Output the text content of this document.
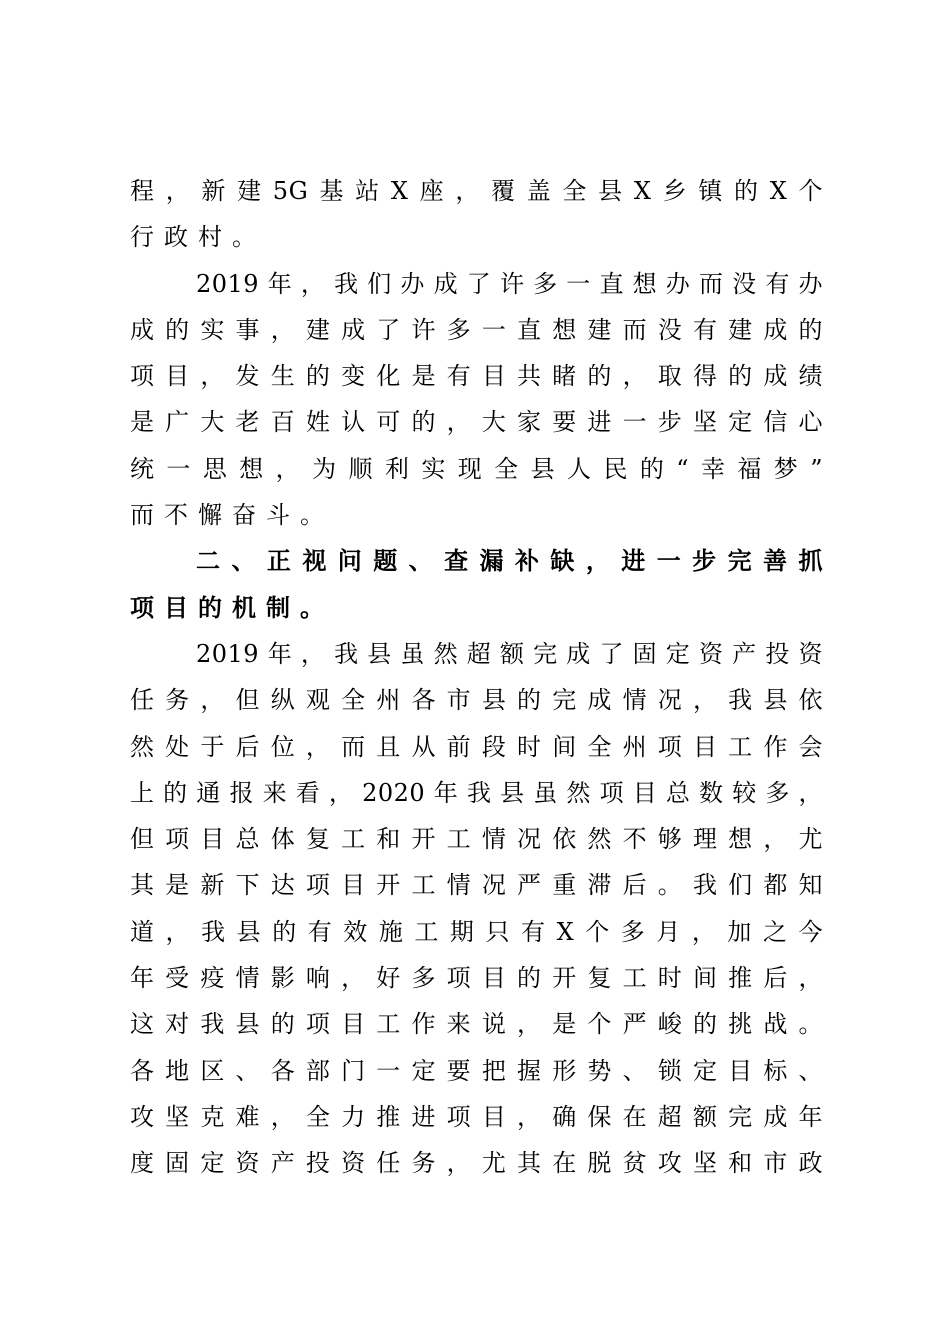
程，新建5G基站X座，覆盖全县X乡镇的X个
行政村。
2019年，我们办成了许多一直想办而没有办
成的实事，建成了许多一直想建而没有建成的
项目，发生的变化是有目共睹的，取得的成绩
是广大老百姓认可的，大家要进一步坚定信心
统一思想，为顺利实现全县人民的“幸福梦”
而不懈奋斗。
二、正视问题、查漏补缺，进一步完善抓
项目的机制。
2019年，我县虽然超额完成了固定资产投资
任务，但纵观全州各市县的完成情况，我县依
然处于后位，而且从前段时间全州项目工作会
上的通报来看，2020年我县虽然项目总数较多，
但项目总体复工和开工情况依然不够理想，尤
其是新下达项目开工情况严重滞后。我们都知
道，我县的有效施工期只有X个多月，加之今
年受疫情影响，好多项目的开复工时间推后，
这对我县的项目工作来说，是个严峻的挑战。
各地区、各部门一定要把握形势、锁定目标、
攻坚克难，全力推进项目，确保在超额完成年
度固定资产投资任务，尤其在脱贫攻坚和市政
